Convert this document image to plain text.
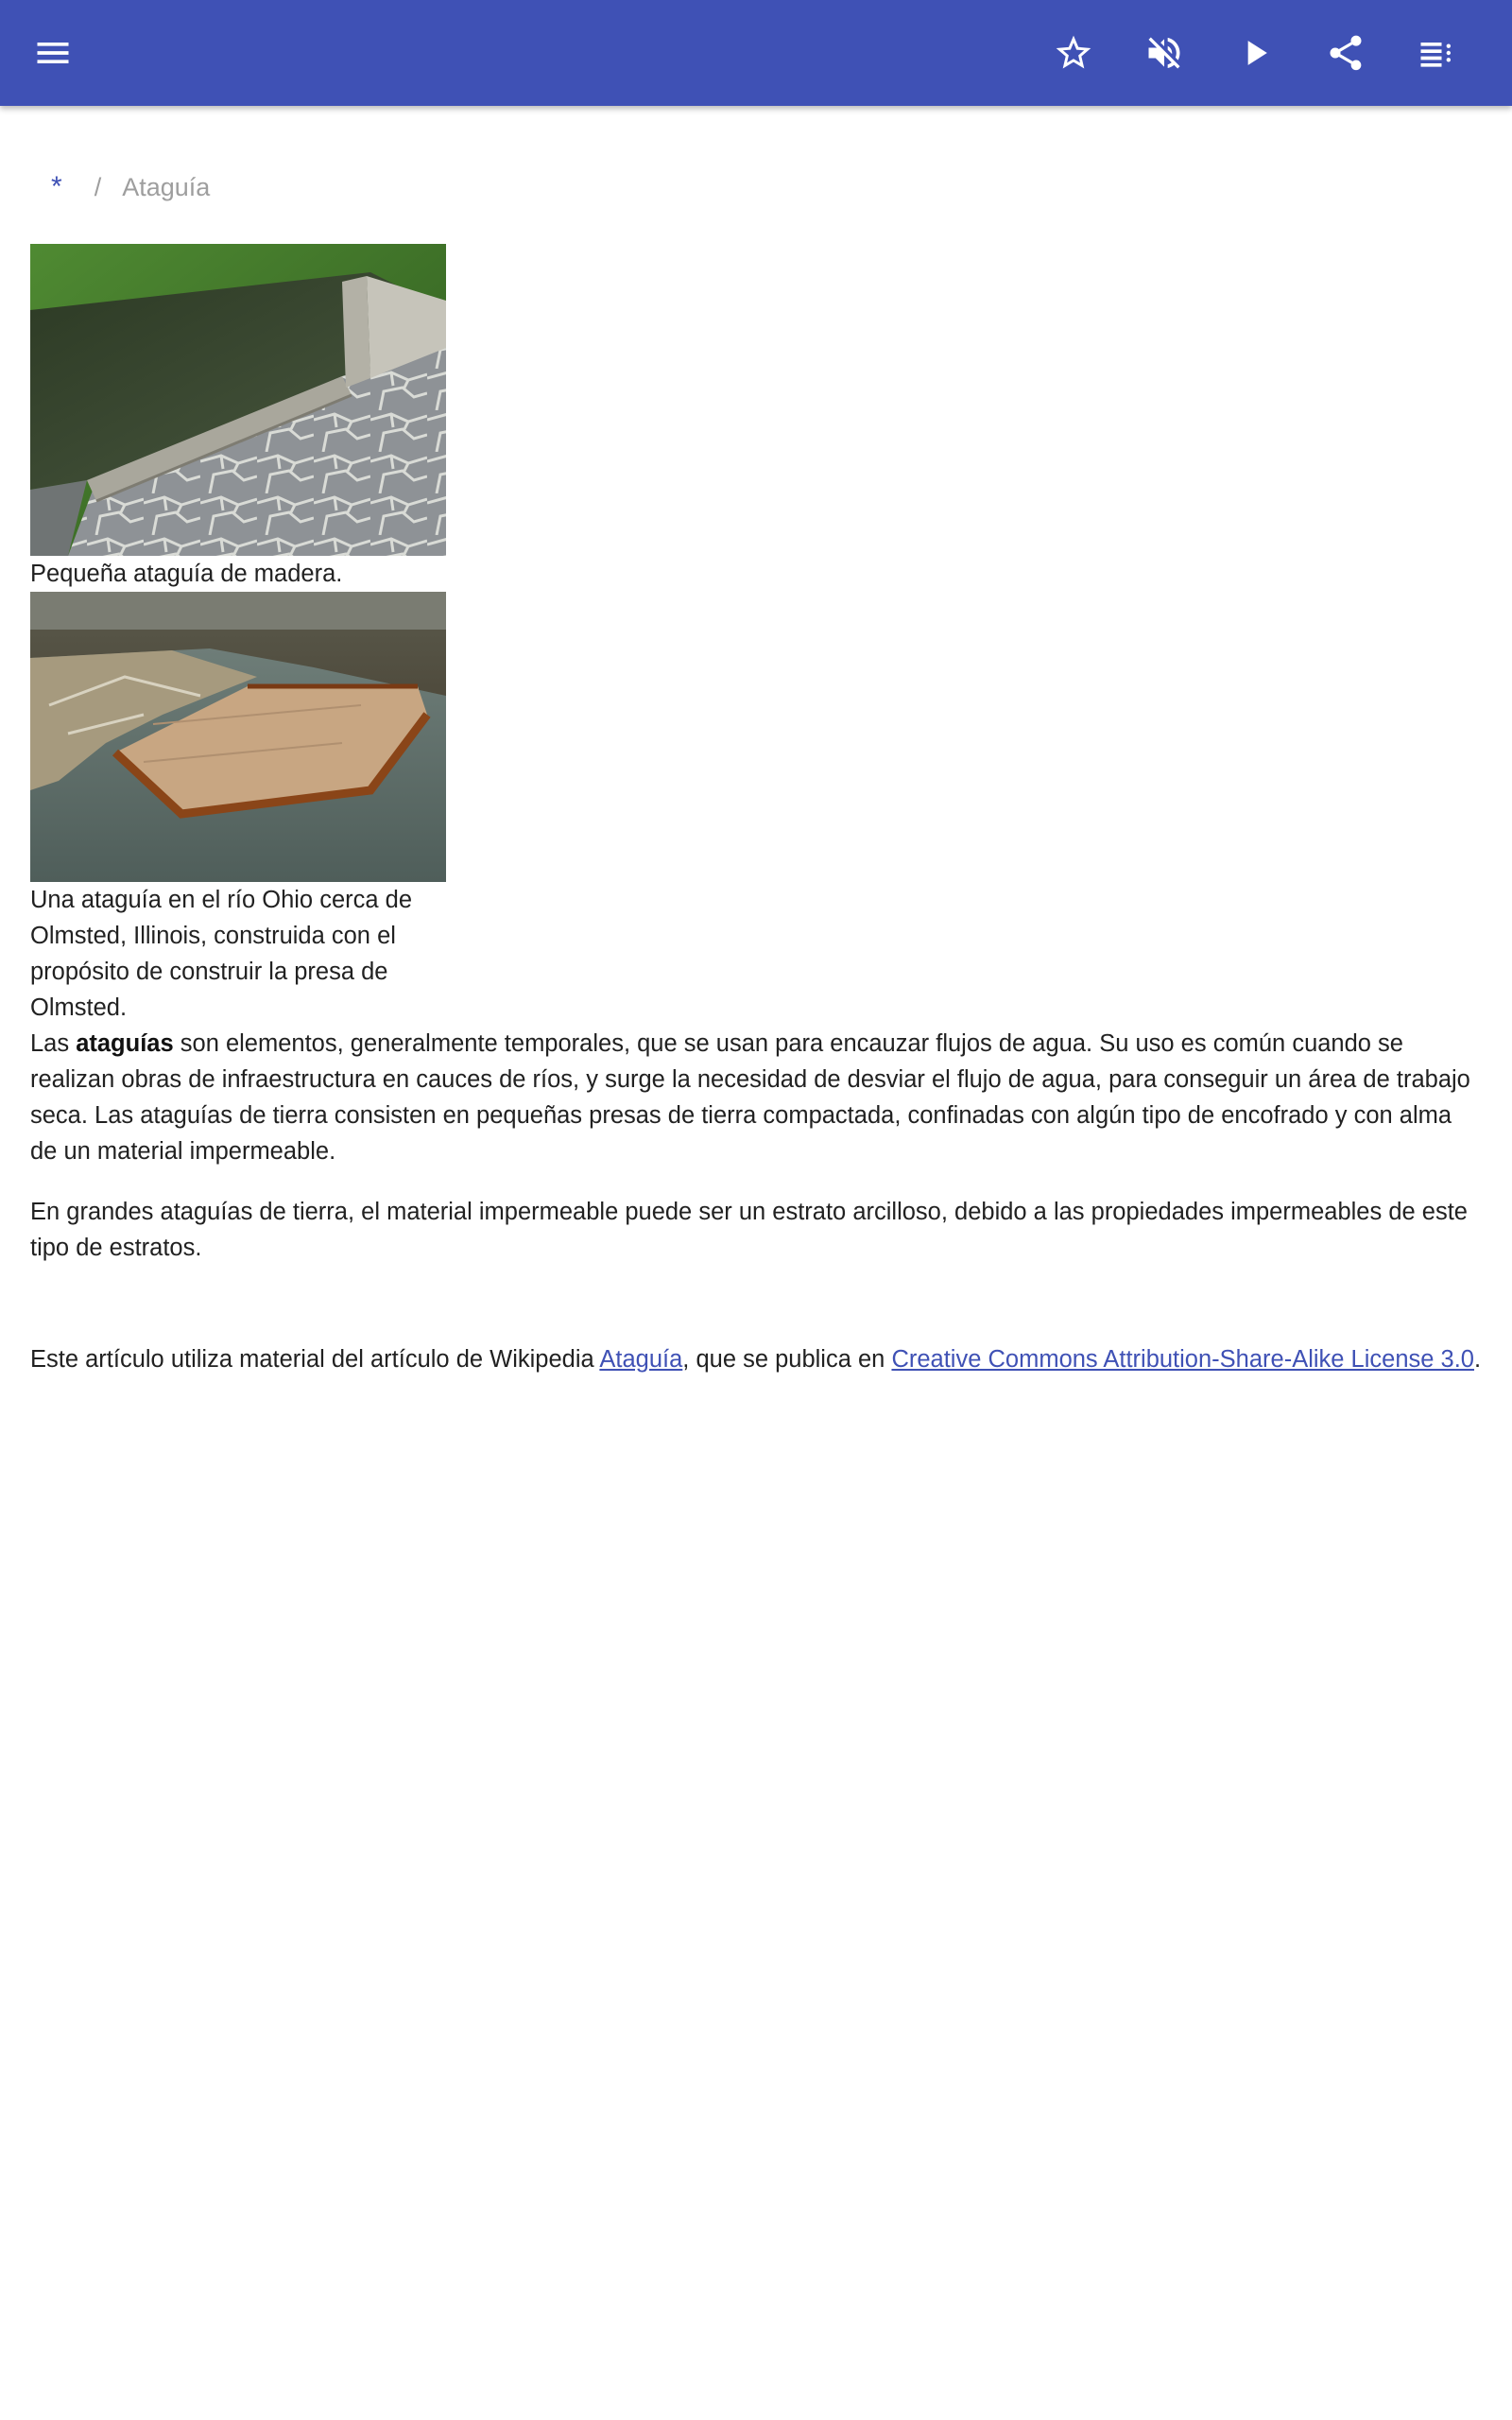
*	/ Ataguía

Pequeña ataguía de madera.

Una ataguía en el río Ohio cerca de Olmsted, Illinois, construida con el propósito de construir la presa de Olmsted.

Las ataguías son elementos, generalmente temporales, que se usan para encauzar flujos de agua. Su uso es común cuando se realizan obras de infraestructura en cauces de ríos, y surge la necesidad de desviar el flujo de agua, para conseguir un área de trabajo seca. Las ataguías de tierra consisten en pequeñas presas de tierra compactada, confinadas con algún tipo de encofrado y con alma de un material impermeable.

En grandes ataguías de tierra, el material impermeable puede ser un estrato arcilloso, debido a las propiedades impermeables de este tipo de estratos.

Este artículo utiliza material del artículo de Wikipedia Ataguía, que se publica en Creative Commons Attribution-Share-Alike License 3.0.
